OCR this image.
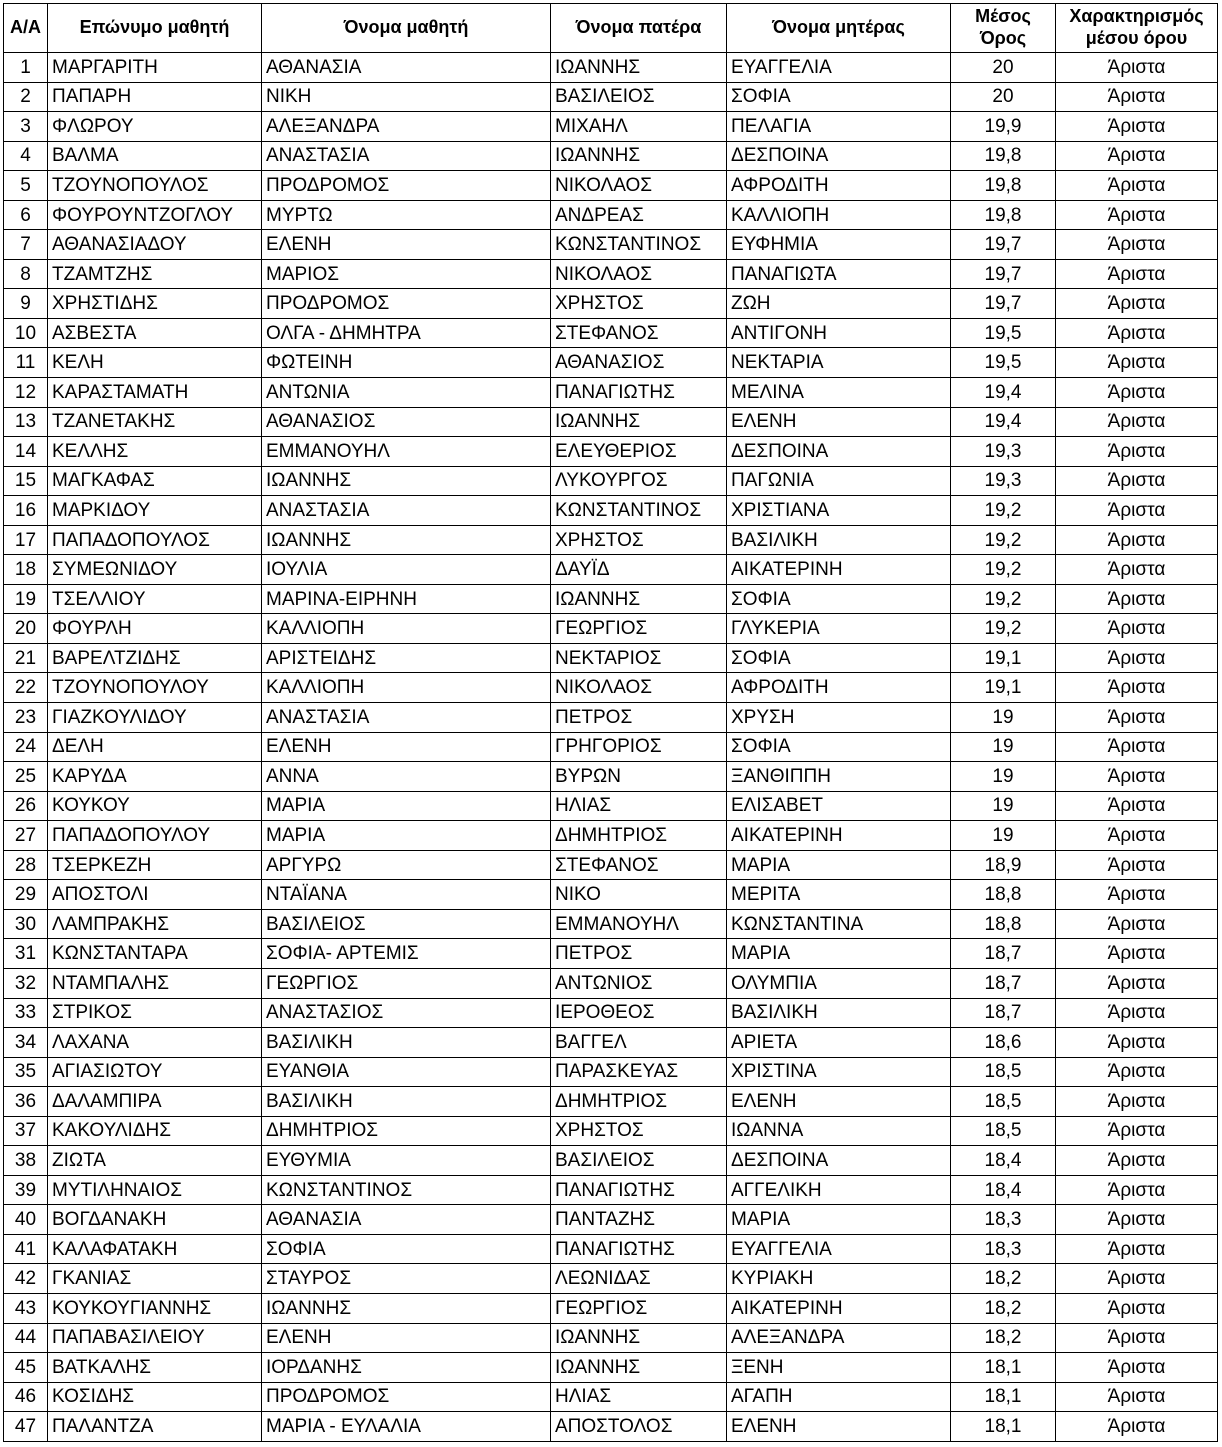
Α/Α	Επώνυμο μαθητή	Όνομα μαθητή	Όνομα πατέρα	Όνομα μητέρας	Μέσος
Όρος	Χαρακτηρισμός
μέσου όρου
1	ΜΑΡΓΑΡΙΤΗ	ΑΘΑΝΑΣΙΑ	ΙΩΑΝΝΗΣ	ΕΥΑΓΓΕΛΙΑ	20	Άριστα
2	ΠΑΠΑΡΗ	ΝΙΚΗ	ΒΑΣΙΛΕΙΟΣ	ΣΟΦΙΑ	20	Άριστα
3	ΦΛΩΡΟΥ	ΑΛΕΞΑΝΔΡΑ	ΜΙΧΑΗΛ	ΠΕΛΑΓΙΑ	19,9	Άριστα
4	ΒΑΛΜΑ	ΑΝΑΣΤΑΣΙΑ	ΙΩΑΝΝΗΣ	ΔΕΣΠΟΙΝΑ	19,8	Άριστα
5	ΤΖΟΥΝΟΠΟΥΛΟΣ	ΠΡΟΔΡΟΜΟΣ	ΝΙΚΟΛΑΟΣ	ΑΦΡΟΔΙΤΗ	19,8	Άριστα
6	ΦΟΥΡΟΥΝΤΖΟΓΛΟΥ	ΜΥΡΤΩ	ΑΝΔΡΕΑΣ	ΚΑΛΛΙΟΠΗ	19,8	Άριστα
7	ΑΘΑΝΑΣΙΑΔΟΥ	ΕΛΕΝΗ	ΚΩΝΣΤΑΝΤΙΝΟΣ	ΕΥΦΗΜΙΑ	19,7	Άριστα
8	ΤΖΑΜΤΖΗΣ	ΜΑΡΙΟΣ	ΝΙΚΟΛΑΟΣ	ΠΑΝΑΓΙΩΤΑ	19,7	Άριστα
9	ΧΡΗΣΤΙΔΗΣ	ΠΡΟΔΡΟΜΟΣ	ΧΡΗΣΤΟΣ	ΖΩΗ	19,7	Άριστα
10	ΑΣΒΕΣΤΑ	ΟΛΓΑ - ΔΗΜΗΤΡΑ	ΣΤΕΦΑΝΟΣ	ΑΝΤΙΓΟΝΗ	19,5	Άριστα
11	ΚΕΛΗ	ΦΩΤΕΙΝΗ	ΑΘΑΝΑΣΙΟΣ	ΝΕΚΤΑΡΙΑ	19,5	Άριστα
12	ΚΑΡΑΣΤΑΜΑΤΗ	ΑΝΤΩΝΙΑ	ΠΑΝΑΓΙΩΤΗΣ	ΜΕΛΙΝΑ	19,4	Άριστα
13	ΤΖΑΝΕΤΑΚΗΣ	ΑΘΑΝΑΣΙΟΣ	ΙΩΑΝΝΗΣ	ΕΛΕΝΗ	19,4	Άριστα
14	ΚΕΛΛΗΣ	ΕΜΜΑΝΟΥΗΛ	ΕΛΕΥΘΕΡΙΟΣ	ΔΕΣΠΟΙΝΑ	19,3	Άριστα
15	ΜΑΓΚΑΦΑΣ	ΙΩΑΝΝΗΣ	ΛΥΚΟΥΡΓΟΣ	ΠΑΓΩΝΙΑ	19,3	Άριστα
16	ΜΑΡΚΙΔΟΥ	ΑΝΑΣΤΑΣΙΑ	ΚΩΝΣΤΑΝΤΙΝΟΣ	ΧΡΙΣΤΙΑΝΑ	19,2	Άριστα
17	ΠΑΠΑΔΟΠΟΥΛΟΣ	ΙΩΑΝΝΗΣ	ΧΡΗΣΤΟΣ	ΒΑΣΙΛΙΚΗ	19,2	Άριστα
18	ΣΥΜΕΩΝΙΔΟΥ	ΙΟΥΛΙΑ	ΔΑΥΪΔ	ΑΙΚΑΤΕΡΙΝΗ	19,2	Άριστα
19	ΤΣΕΛΛΙΟΥ	ΜΑΡΙΝΑ-ΕΙΡΗΝΗ	ΙΩΑΝΝΗΣ	ΣΟΦΙΑ	19,2	Άριστα
20	ΦΟΥΡΛΗ	ΚΑΛΛΙΟΠΗ	ΓΕΩΡΓΙΟΣ	ΓΛΥΚΕΡΙΑ	19,2	Άριστα
21	ΒΑΡΕΛΤΖΙΔΗΣ	ΑΡΙΣΤΕΙΔΗΣ	ΝΕΚΤΑΡΙΟΣ	ΣΟΦΙΑ	19,1	Άριστα
22	ΤΖΟΥΝΟΠΟΥΛΟΥ	ΚΑΛΛΙΟΠΗ	ΝΙΚΟΛΑΟΣ	ΑΦΡΟΔΙΤΗ	19,1	Άριστα
23	ΓΙΑΖΚΟΥΛΙΔΟΥ	ΑΝΑΣΤΑΣΙΑ	ΠΕΤΡΟΣ	ΧΡΥΣΗ	19	Άριστα
24	ΔΕΛΗ	ΕΛΕΝΗ	ΓΡΗΓΟΡΙΟΣ	ΣΟΦΙΑ	19	Άριστα
25	ΚΑΡΥΔΑ	ΑΝΝΑ	ΒΥΡΩΝ	ΞΑΝΘΙΠΠΗ	19	Άριστα
26	ΚΟΥΚΟΥ	ΜΑΡΙΑ	ΗΛΙΑΣ	ΕΛΙΣΑΒΕΤ	19	Άριστα
27	ΠΑΠΑΔΟΠΟΥΛΟΥ	ΜΑΡΙΑ	ΔΗΜΗΤΡΙΟΣ	ΑΙΚΑΤΕΡΙΝΗ	19	Άριστα
28	ΤΣΕΡΚΕΖΗ	ΑΡΓΥΡΩ	ΣΤΕΦΑΝΟΣ	ΜΑΡΙΑ	18,9	Άριστα
29	ΑΠΟΣΤΟΛΙ	ΝΤΑΪΑΝΑ	ΝΙΚΟ	ΜΕΡΙΤΑ	18,8	Άριστα
30	ΛΑΜΠΡΑΚΗΣ	ΒΑΣΙΛΕΙΟΣ	ΕΜΜΑΝΟΥΗΛ	ΚΩΝΣΤΑΝΤΙΝΑ	18,8	Άριστα
31	ΚΩΝΣΤΑΝΤΑΡΑ	ΣΟΦΙΑ- ΑΡΤΕΜΙΣ	ΠΕΤΡΟΣ	ΜΑΡΙΑ	18,7	Άριστα
32	ΝΤΑΜΠΑΛΗΣ	ΓΕΩΡΓΙΟΣ	ΑΝΤΩΝΙΟΣ	ΟΛΥΜΠΙΑ	18,7	Άριστα
33	ΣΤΡΙΚΟΣ	ΑΝΑΣΤΑΣΙΟΣ	ΙΕΡΟΘΕΟΣ	ΒΑΣΙΛΙΚΗ	18,7	Άριστα
34	ΛΑΧΑΝΑ	ΒΑΣΙΛΙΚΗ	ΒΑΓΓΕΛ	ΑΡΙΕΤΑ	18,6	Άριστα
35	ΑΓΙΑΣΙΩΤΟΥ	ΕΥΑΝΘΙΑ	ΠΑΡΑΣΚΕΥΑΣ	ΧΡΙΣΤΙΝΑ	18,5	Άριστα
36	ΔΑΛΑΜΠΙΡΑ	ΒΑΣΙΛΙΚΗ	ΔΗΜΗΤΡΙΟΣ	ΕΛΕΝΗ	18,5	Άριστα
37	ΚΑΚΟΥΛΙΔΗΣ	ΔΗΜΗΤΡΙΟΣ	ΧΡΗΣΤΟΣ	ΙΩΑΝΝΑ	18,5	Άριστα
38	ΖΙΩΤΑ	ΕΥΘΥΜΙΑ	ΒΑΣΙΛΕΙΟΣ	ΔΕΣΠΟΙΝΑ	18,4	Άριστα
39	ΜΥΤΙΛΗΝΑΙΟΣ	ΚΩΝΣΤΑΝΤΙΝΟΣ	ΠΑΝΑΓΙΩΤΗΣ	ΑΓΓΕΛΙΚΗ	18,4	Άριστα
40	ΒΟΓΔΑΝΑΚΗ	ΑΘΑΝΑΣΙΑ	ΠΑΝΤΑΖΗΣ	ΜΑΡΙΑ	18,3	Άριστα
41	ΚΑΛΑΦΑΤΑΚΗ	ΣΟΦΙΑ	ΠΑΝΑΓΙΩΤΗΣ	ΕΥΑΓΓΕΛΙΑ	18,3	Άριστα
42	ΓΚΑΝΙΑΣ	ΣΤΑΥΡΟΣ	ΛΕΩΝΙΔΑΣ	ΚΥΡΙΑΚΗ	18,2	Άριστα
43	ΚΟΥΚΟΥΓΙΑΝΝΗΣ	ΙΩΑΝΝΗΣ	ΓΕΩΡΓΙΟΣ	ΑΙΚΑΤΕΡΙΝΗ	18,2	Άριστα
44	ΠΑΠΑΒΑΣΙΛΕΙΟΥ	ΕΛΕΝΗ	ΙΩΑΝΝΗΣ	ΑΛΕΞΑΝΔΡΑ	18,2	Άριστα
45	ΒΑΤΚΑΛΗΣ	ΙΟΡΔΑΝΗΣ	ΙΩΑΝΝΗΣ	ΞΕΝΗ	18,1	Άριστα
46	ΚΟΣΙΔΗΣ	ΠΡΟΔΡΟΜΟΣ	ΗΛΙΑΣ	ΑΓΑΠΗ	18,1	Άριστα
47	ΠΑΛΑΝΤΖΑ	ΜΑΡΙΑ - ΕΥΛΑΛΙΑ	ΑΠΟΣΤΟΛΟΣ	ΕΛΕΝΗ	18,1	Άριστα
